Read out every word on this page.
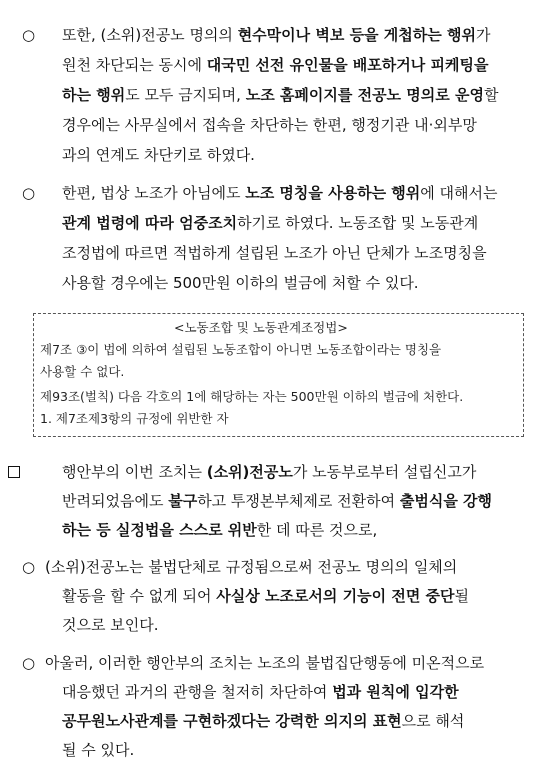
○ 또한, (소위)전공노 명의의 현수막이나 벽보 등을 게첩하는 행위가
원천 차단되는 동시에 대국민 선전 유인물을 배포하거나 피케팅을
하는 행위도 모두 금지되며, 노조 홈페이지를 전공노 명의로 운영할
경우에는 사무실에서 접속을 차단하는 한편, 행정기관 내·외부망
과의 연계도 차단키로 하였다.
○ 한편, 법상 노조가 아님에도 노조 명칭을 사용하는 행위에 대해서는
관계 법령에 따라 엄중조치하기로 하였다. 노동조합 및 노동관계
조정법에 따르면 적법하게 설립된 노조가 아닌 단체가 노조명칭을
사용할 경우에는 500만원 이하의 벌금에 처할 수 있다.
<노동조합 및 노동관계조정법>
제7조 ③이 법에 의하여 설립된 노동조합이 아니면 노동조합이라는 명칭을
사용할 수 없다.
제93조(벌칙) 다음 각호의 1에 해당하는 자는 500만원 이하의 벌금에 처한다.
1. 제7조제3항의 규정에 위반한 자
행안부의 이번 조치는 (소위)전공노가 노동부로부터 설립신고가
반려되었음에도 불구하고 투쟁본부체제로 전환하여 출범식을 강행
하는 등 실정법을 스스로 위반한 데 따른 것으로,
○ (소위)전공노는 불법단체로 규정됨으로써 전공노 명의의 일체의
활동을 할 수 없게 되어 사실상 노조로서의 기능이 전면 중단될
것으로 보인다.
○ 아울러, 이러한 행안부의 조치는 노조의 불법집단행동에 미온적으로
대응했던 과거의 관행을 철저히 차단하여 법과 원칙에 입각한
공무원노사관계를 구현하겠다는 강력한 의지의 표현으로 해석
될 수 있다.
